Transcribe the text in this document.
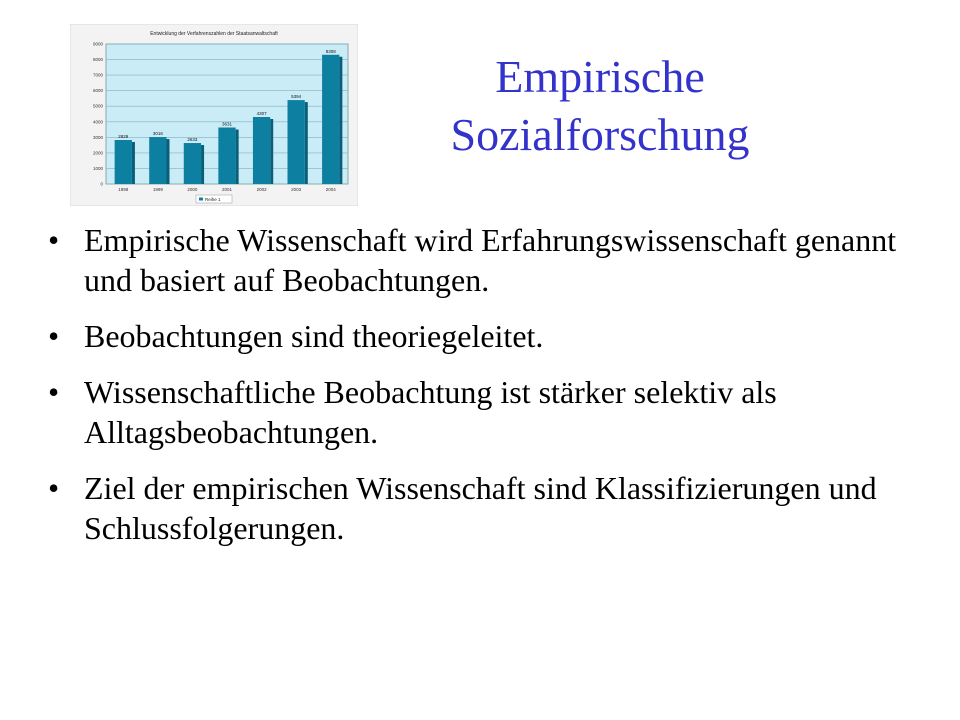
Entwicklung der Verfahrenszahlen der Staatsanwaltschaft
0
1000
2000
3000
4000
5000
6000
7000
8000
9000
2829
1998
3016
1999
2633
2000
3631
2001
4307
2002
5394
2003
8308
2004
Reihe 1
Empirische
Sozialforschung
• Empirische Wissenschaft wird Erfahrungswissenschaft genannt und basiert auf Beobachtungen.
• Beobachtungen sind theoriegeleitet.
• Wissenschaftliche Beobachtung ist stärker selektiv als Alltagsbeobachtungen.
• Ziel der empirischen Wissenschaft sind Klassifizierungen und Schlussfolgerungen.
